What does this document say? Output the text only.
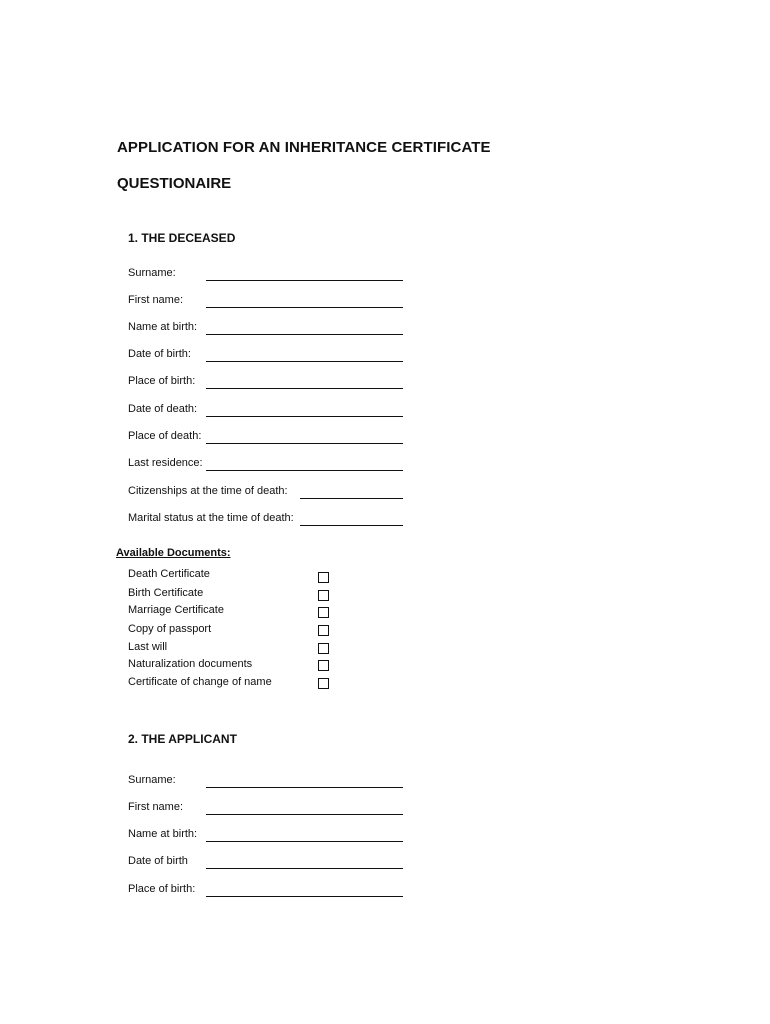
APPLICATION FOR AN INHERITANCE CERTIFICATE
QUESTIONAIRE
1. THE DECEASED
Surname:
First name:
Name at birth:
Date of birth:
Place of birth:
Date of death:
Place of death:
Last residence:
Citizenships at the time of death:
Marital status at the time of death:
Available Documents:
Death Certificate
Birth Certificate
Marriage Certificate
Copy of passport
Last will
Naturalization documents
Certificate of change of name
2. THE APPLICANT
Surname:
First name:
Name at birth:
Date of birth
Place of birth:
